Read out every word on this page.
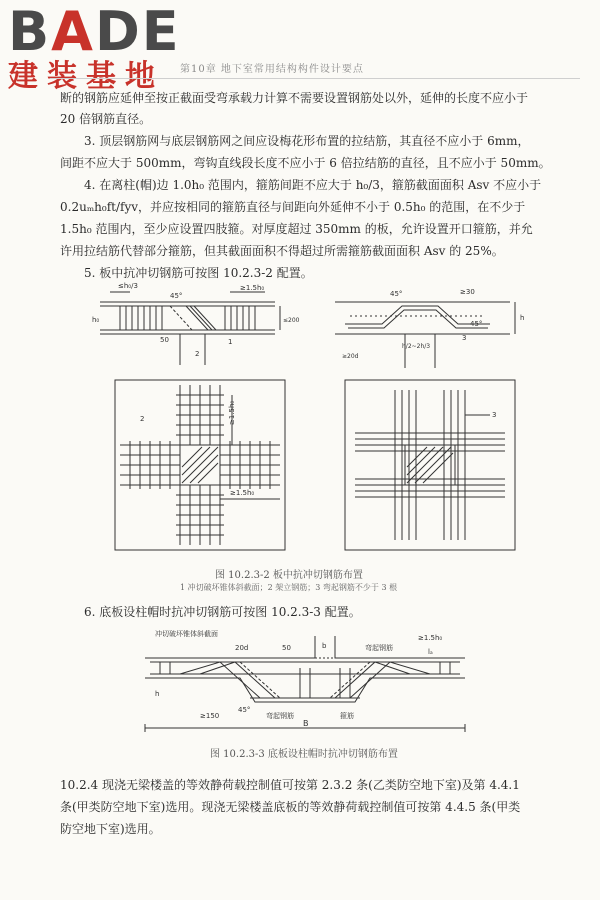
BADE
建装基地	第10章 地下室常用结构构件设计要点
断的钢筋应延伸至按正截面受弯承载力计算不需要设置钢筋处以外，延伸的长度不应小于
20 倍钢筋直径。
3. 顶层钢筋网与底层钢筋网之间应设梅花形布置的拉结筋，其直径不应小于 6mm，
间距不应大于 500mm，弯钩直线段长度不应小于 6 倍拉结筋的直径，且不应小于 50mm。
4. 在离柱(帽)边 1.0h₀ 范围内，箍筋间距不应大于 h₀/3，箍筋截面面积 Asv 不应小于
0.2uₘh₀ft/fyv，并应按相同的箍筋直径与间距向外延伸不小于 0.5h₀ 的范围，在不少于
1.5h₀ 范围内，至少应设置四肢箍。对厚度超过 350mm 的板，允许设置开口箍筋，并允
许用拉结筋代替部分箍筋，但其截面面积不得超过所需箍筋截面面积 Asv 的 25%。
5. 板中抗冲切钢筋可按图 10.2.3-2 配置。
≤h₀/3	≥1.5h₀
h₀	≤200
45°
50	1
2
45°	≥30
h/2~2h/3
≥20d
h
45°
3
2	≥1.5h₀
≥1.5h₀
3
图 10.2.3-2 板中抗冲切钢筋布置
1 冲切破坏锥体斜截面；2 架立钢筋；3 弯起钢筋不少于 3 根
6. 底板设柱帽时抗冲切钢筋可按图 10.2.3-3 配置。
冲切破坏锥体斜截面
20d	50	b	弯起钢筋
≥1.5h₀
lₐ
h
≥150
45°
弯起钢筋	箍筋
B
图 10.2.3-3 底板设柱帽时抗冲切钢筋布置
10.2.4 现浇无梁楼盖的等效静荷载控制值可按第 2.3.2 条(乙类防空地下室)及第 4.4.1
条(甲类防空地下室)选用。现浇无梁楼盖底板的等效静荷载控制值可按第 4.4.5 条(甲类
防空地下室)选用。
